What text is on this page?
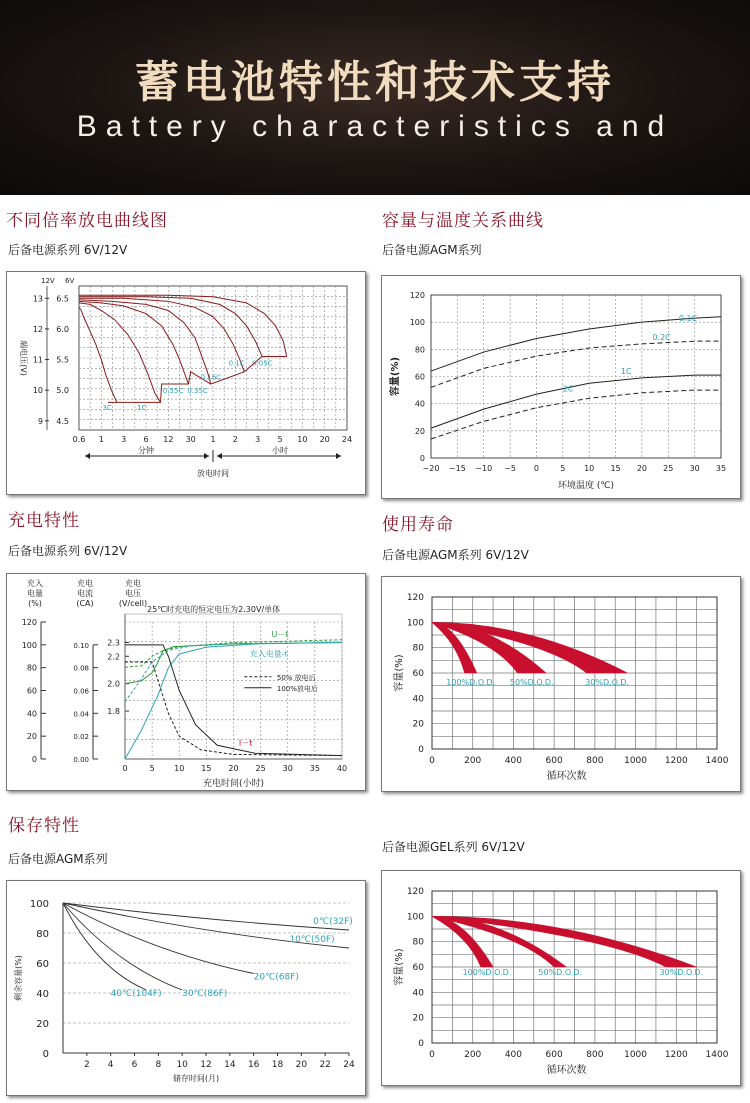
蓄电池特性和技术支持
Battery characteristics and
不同倍率放电曲线图
后备电源系列 6V/12V
容量与温度关系曲线
后备电源AGM系列
充电特性
后备电源系列 6V/12V
使用寿命
后备电源AGM系列 6V/12V
保存特性
后备电源AGM系列
后备电源GEL系列 6V/12V
12V 6V
13 6.5
12 6.0
11 5.5
10 5.0
9 4.5
端电压(V)
0.6 1 3 6 12 30 1 2 3 5 10 20 24
分钟	小时
放电时间
3C	1C
0.55C 0.35C
0.16C
0.1C 0.05C
−20 −15 −10 −5 0	5 10 15 20 25 30 35
0
20
40
60
80
100
120
环境温度 (℃)
容量(%)
0.1C
0.2C
1C
2C
充入
电量
(%)
充电
电流
(CA)
充电
电压
(V/cell)
120
100
80
60
40
20
0
0.10
0.08
0.06
0.04
0.02
0.00
2.3
2.2
2.0
1.8
0	5 10 15 20 25 30 35 40
充电时间(小时)
25℃时充电的恒定电压为2.30V/单体
50% 放电后
100%放电后
U－t
充入电量-t
I－t
0	200	400	600	800 1000 1200 1400
0
20
40
60
80
100
120
循环次数
容量(%)	100%D.O.D. 50%D.O.D.	30%D.O.D.
2 4 6 8 10 12 14 16 18 20 22 24
0
20
40
60
80
100
储存时间(月)
剩余容量(%)
0℃(32F)
10℃(50F)
20℃(68F)
30℃(86F)
40℃(104F)
0	200	400	600	800 1000 1200 1400
0
20
40
60
80
100
120
循环次数
容量(%)	100%D.O.D.	50%D.O.D.	30%D.O.D.
